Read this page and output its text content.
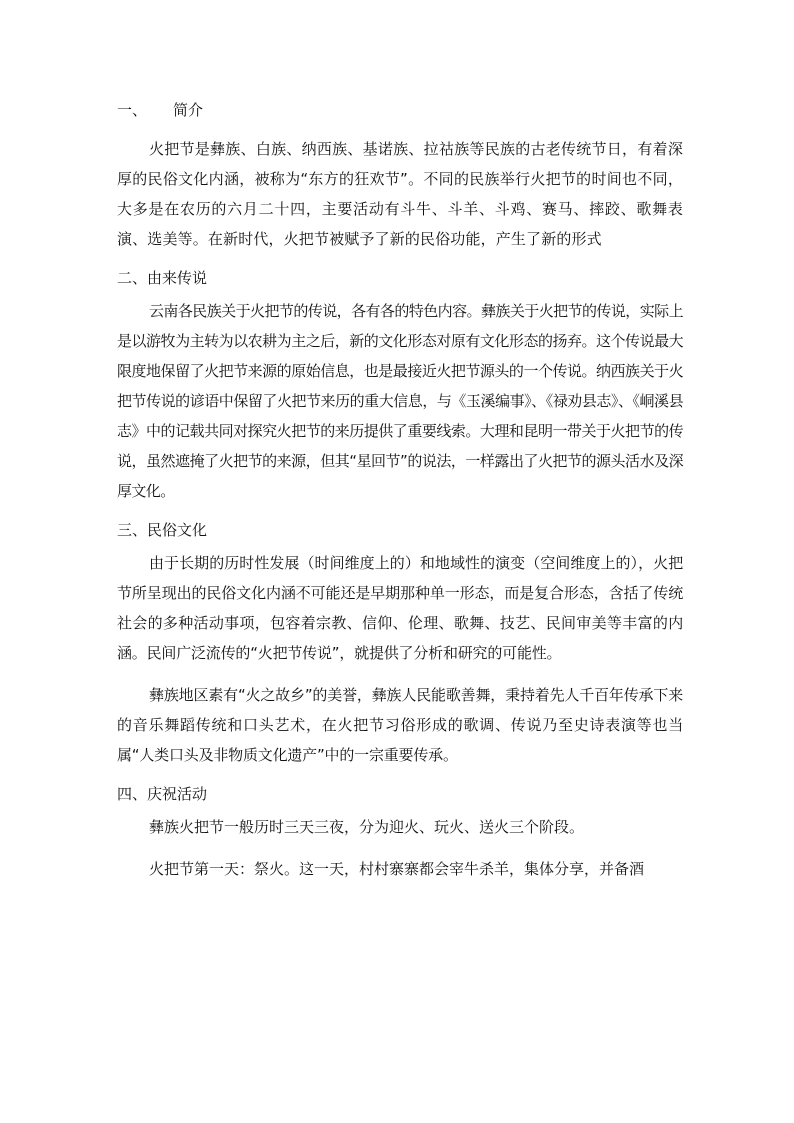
一、 简介

火把节是彝族、白族、纳西族、基诺族、拉祜族等民族的古老传统节日，有着深厚的民俗文化内涵，被称为“东方的狂欢节”。不同的民族举行火把节的时间也不同，大多是在农历的六月二十四，主要活动有斗牛、斗羊、斗鸡、赛马、摔跤、歌舞表演、选美等。在新时代，火把节被赋予了新的民俗功能，产生了新的形式

二、由来传说

云南各民族关于火把节的传说，各有各的特色内容。彝族关于火把节的传说，实际上是以游牧为主转为以农耕为主之后，新的文化形态对原有文化形态的扬弃。这个传说最大限度地保留了火把节来源的原始信息，也是最接近火把节源头的一个传说。纳西族关于火把节传说的谚语中保留了火把节来历的重大信息，与《玉溪编事》、《禄劝县志》、《峒溪县志》中的记载共同对探究火把节的来历提供了重要线索。大理和昆明一带关于火把节的传说，虽然遮掩了火把节的来源，但其“星回节”的说法，一样露出了火把节的源头活水及深厚文化。

三、民俗文化

由于长期的历时性发展（时间维度上的）和地域性的演变（空间维度上的），火把节所呈现出的民俗文化内涵不可能还是早期那种单一形态，而是复合形态，含括了传统社会的多种活动事项，包容着宗教、信仰、伦理、歌舞、技艺、民间审美等丰富的内涵。民间广泛流传的“火把节传说”，就提供了分析和研究的可能性。

彝族地区素有“火之故乡”的美誉，彝族人民能歌善舞，秉持着先人千百年传承下来的音乐舞蹈传统和口头艺术，在火把节习俗形成的歌调、传说乃至史诗表演等也当属“人类口头及非物质文化遗产”中的一宗重要传承。

四、庆祝活动

彝族火把节一般历时三天三夜，分为迎火、玩火、送火三个阶段。

火把节第一天：祭火。这一天，村村寨寨都会宰牛杀羊，集体分享，并备酒
